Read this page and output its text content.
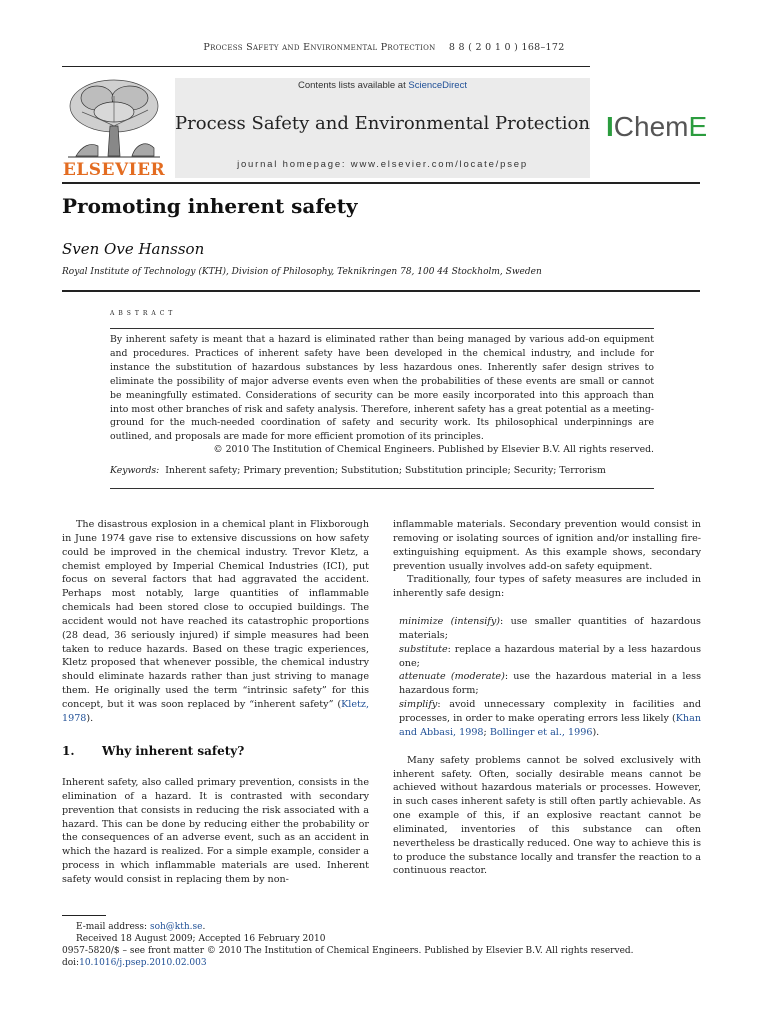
Process Safety and Environmental Protection 8 8 ( 2 0 1 0 ) 168–172
ELSEVIER
Contents lists available at ScienceDirect
Process Safety and Environmental Protection
journal homepage: www.elsevier.com/locate/psep
IChemE
Promoting inherent safety
Sven Ove Hansson
Royal Institute of Technology (KTH), Division of Philosophy, Teknikringen 78, 100 44 Stockholm, Sweden
abstract
By inherent safety is meant that a hazard is eliminated rather than being managed by various add-on equipment and procedures. Practices of inherent safety have been developed in the chemical industry, and include for instance the substitution of hazardous substances by less hazardous ones. Inherently safer design strives to eliminate the possibility of major adverse events even when the probabilities of these events are small or cannot be meaningfully estimated. Considerations of security can be more easily incorporated into this approach than into most other branches of risk and safety analysis. Therefore, inherent safety has a great potential as a meeting-ground for the much-needed coordination of safety and security work. Its philosophical underpinnings are outlined, and proposals are made for more efficient promotion of its principles.
© 2010 The Institution of Chemical Engineers. Published by Elsevier B.V. All rights reserved.
Keywords: Inherent safety; Primary prevention; Substitution; Substitution principle; Security; Terrorism

The disastrous explosion in a chemical plant in Flixborough in June 1974 gave rise to extensive discussions on how safety could be improved in the chemical industry. Trevor Kletz, a chemist employed by Imperial Chemical Industries (ICI), put focus on several factors that had aggravated the accident. Perhaps most notably, large quantities of inflammable chemicals had been stored close to occupied buildings. The accident would not have reached its catastrophic proportions (28 dead, 36 seriously injured) if simple measures had been taken to reduce hazards. Based on these tragic experiences, Kletz proposed that whenever possible, the chemical industry should eliminate hazards rather than just striving to manage them. He originally used the term “intrinsic safety” for this concept, but it was soon replaced by “inherent safety” (Kletz, 1978).

1. Why inherent safety?

Inherent safety, also called primary prevention, consists in the elimination of a hazard. It is contrasted with secondary prevention that consists in reducing the risk associated with a hazard. This can be done by reducing either the probability or the consequences of an adverse event, such as an accident in which the hazard is realized. For a simple example, consider a process in which inflammable materials are used. Inherent safety would consist in replacing them by non-

inflammable materials. Secondary prevention would consist in removing or isolating sources of ignition and/or installing fire-extinguishing equipment. As this example shows, secondary prevention usually involves add-on safety equipment.

Traditionally, four types of safety measures are included in inherently safe design:

minimize (intensify): use smaller quantities of hazardous materials;

substitute: replace a hazardous material by a less hazardous one;

attenuate (moderate): use the hazardous material in a less hazardous form;

simplify: avoid unnecessary complexity in facilities and processes, in order to make operating errors less likely (Khan and Abbasi, 1998; Bollinger et al., 1996).

Many safety problems cannot be solved exclusively with inherent safety. Often, socially desirable means cannot be achieved without hazardous materials or processes. However, in such cases inherent safety is still often partly achievable. As one example of this, if an explosive reactant cannot be eliminated, inventories of this substance can often nevertheless be drastically reduced. One way to achieve this is to produce the substance locally and transfer the reaction to a continuous reactor.

E-mail address: soh@kth.se.
Received 18 August 2009; Accepted 16 February 2010
0957-5820/$ – see front matter © 2010 The Institution of Chemical Engineers. Published by Elsevier B.V. All rights reserved.
doi:10.1016/j.psep.2010.02.003
